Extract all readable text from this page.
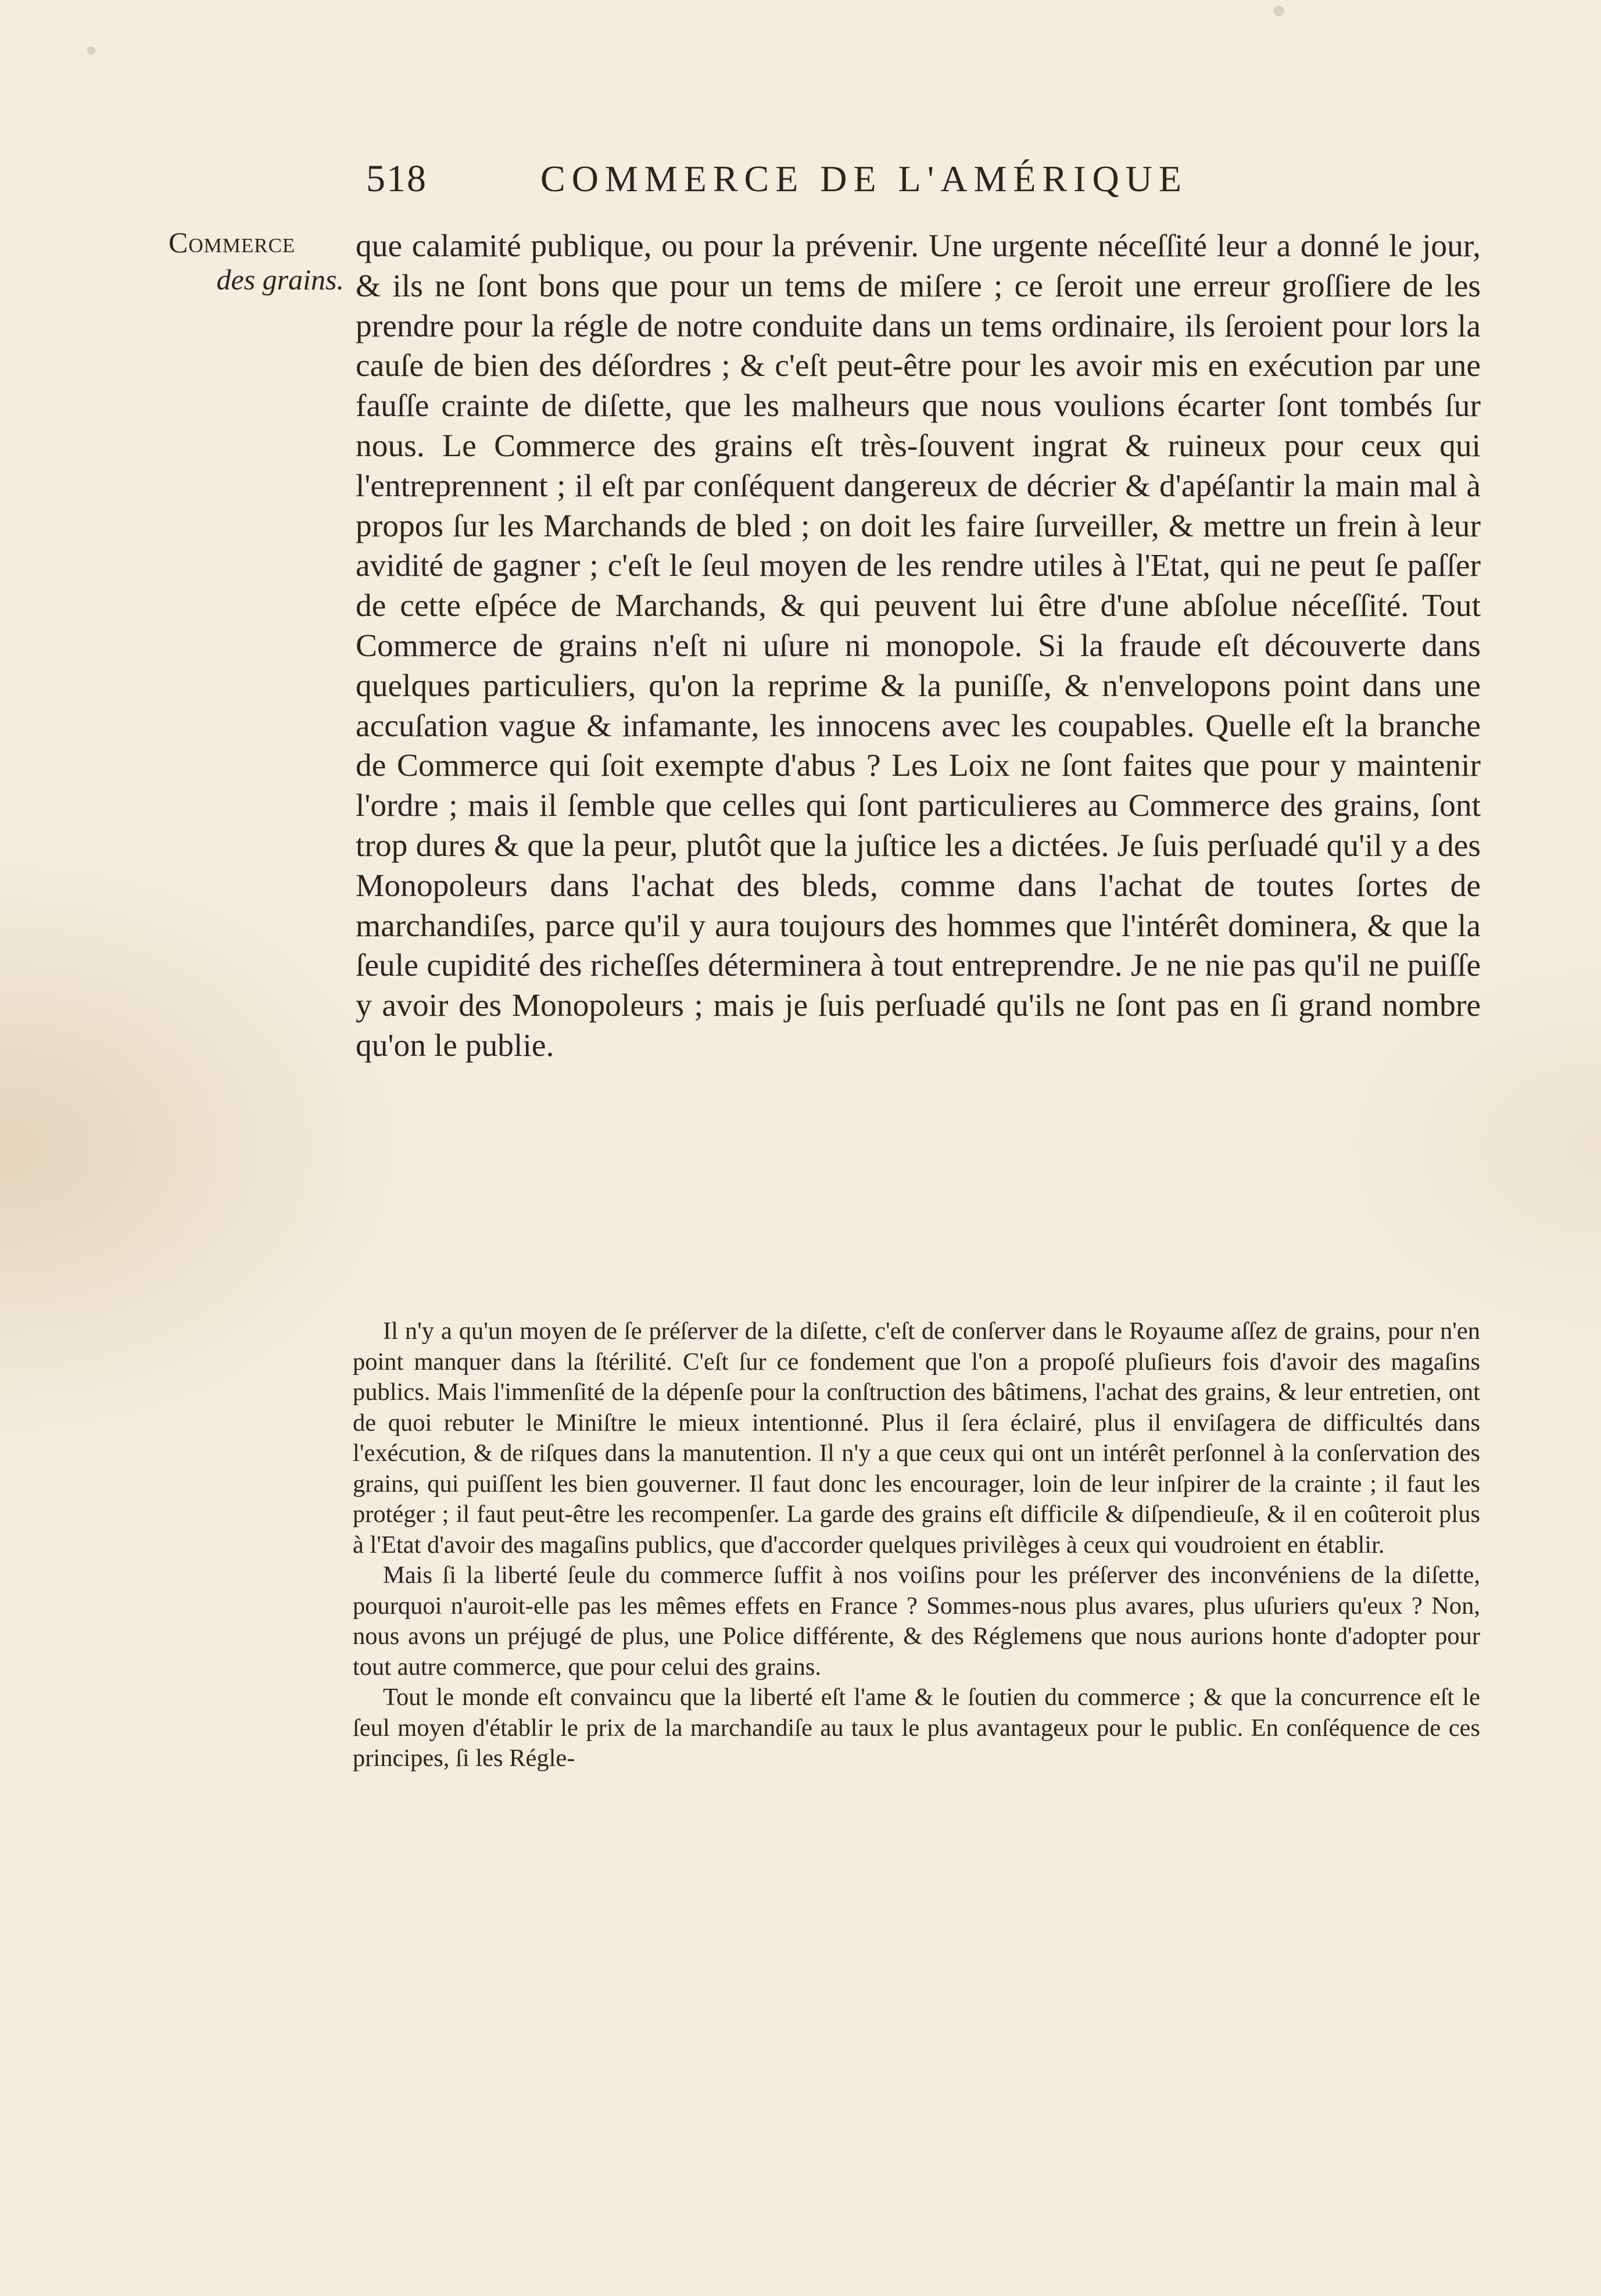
518	COMMERCE DE L'AMÉRIQUE
Commerce
des grains.

que calamité publique, ou pour la prévenir. Une urgente néceſſité leur a donné le jour, & ils ne ſont bons que pour un tems de miſere ; ce ſeroit une erreur groſſiere de les prendre pour la régle de notre conduite dans un tems ordinaire, ils ſeroient pour lors la cauſe de bien des déſordres ; & c'eſt peut-être pour les avoir mis en exécution par une fauſſe crainte de diſette, que les malheurs que nous voulions écarter ſont tombés ſur nous. Le Commerce des grains eſt très-ſouvent ingrat & ruineux pour ceux qui l'entreprennent ; il eſt par conſéquent dangereux de décrier & d'apéſantir la main mal à propos ſur les Marchands de bled ; on doit les faire ſurveiller, & mettre un frein à leur avidité de gagner ; c'eſt le ſeul moyen de les rendre utiles à l'Etat, qui ne peut ſe paſſer de cette eſpéce de Marchands, & qui peuvent lui être d'une abſolue néceſſité. Tout Commerce de grains n'eſt ni uſure ni monopole. Si la fraude eſt découverte dans quelques particuliers, qu'on la reprime & la puniſſe, & n'envelopons point dans une accuſation vague & infamante, les innocens avec les coupables. Quelle eſt la branche de Commerce qui ſoit exempte d'abus ? Les Loix ne ſont faites que pour y maintenir l'ordre ; mais il ſemble que celles qui ſont particulieres au Commerce des grains, ſont trop dures & que la peur, plutôt que la juſtice les a dictées. Je ſuis perſuadé qu'il y a des Monopoleurs dans l'achat des bleds, comme dans l'achat de toutes ſortes de marchandiſes, parce qu'il y aura toujours des hommes que l'intérêt dominera, & que la ſeule cupidité des richeſſes déterminera à tout entreprendre. Je ne nie pas qu'il ne puiſſe y avoir des Monopoleurs ; mais je ſuis perſuadé qu'ils ne ſont pas en ſi grand nombre qu'on le publie.

Il n'y a qu'un moyen de ſe préſerver de la diſette, c'eſt de conſerver dans le Royaume aſſez de grains, pour n'en point manquer dans la ſtérilité. C'eſt ſur ce fondement que l'on a propoſé pluſieurs fois d'avoir des magaſins publics. Mais l'immenſité de la dépenſe pour la conſtruction des bâtimens, l'achat des grains, & leur entretien, ont de quoi rebuter le Miniſtre le mieux intentionné. Plus il ſera éclairé, plus il enviſagera de difficultés dans l'exécution, & de riſques dans la manutention. Il n'y a que ceux qui ont un intérêt perſonnel à la conſervation des grains, qui puiſſent les bien gouverner. Il faut donc les encourager, loin de leur inſpirer de la crainte ; il faut les protéger ; il faut peut-être les recompenſer. La garde des grains eſt difficile & diſpendieuſe, & il en coûteroit plus à l'Etat d'avoir des magaſins publics, que d'accorder quelques privilèges à ceux qui voudroient en établir.

Mais ſi la liberté ſeule du commerce ſuffit à nos voiſins pour les préſerver des inconvéniens de la diſette, pourquoi n'auroit-elle pas les mêmes effets en France ? Sommes-nous plus avares, plus uſuriers qu'eux ? Non, nous avons un préjugé de plus, une Police différente, & des Réglemens que nous aurions honte d'adopter pour tout autre commerce, que pour celui des grains.

Tout le monde eſt convaincu que la liberté eſt l'ame & le ſoutien du commerce ; & que la concurrence eſt le ſeul moyen d'établir le prix de la marchandiſe au taux le plus avantageux pour le public. En conſéquence de ces principes, ſi les Régle-
